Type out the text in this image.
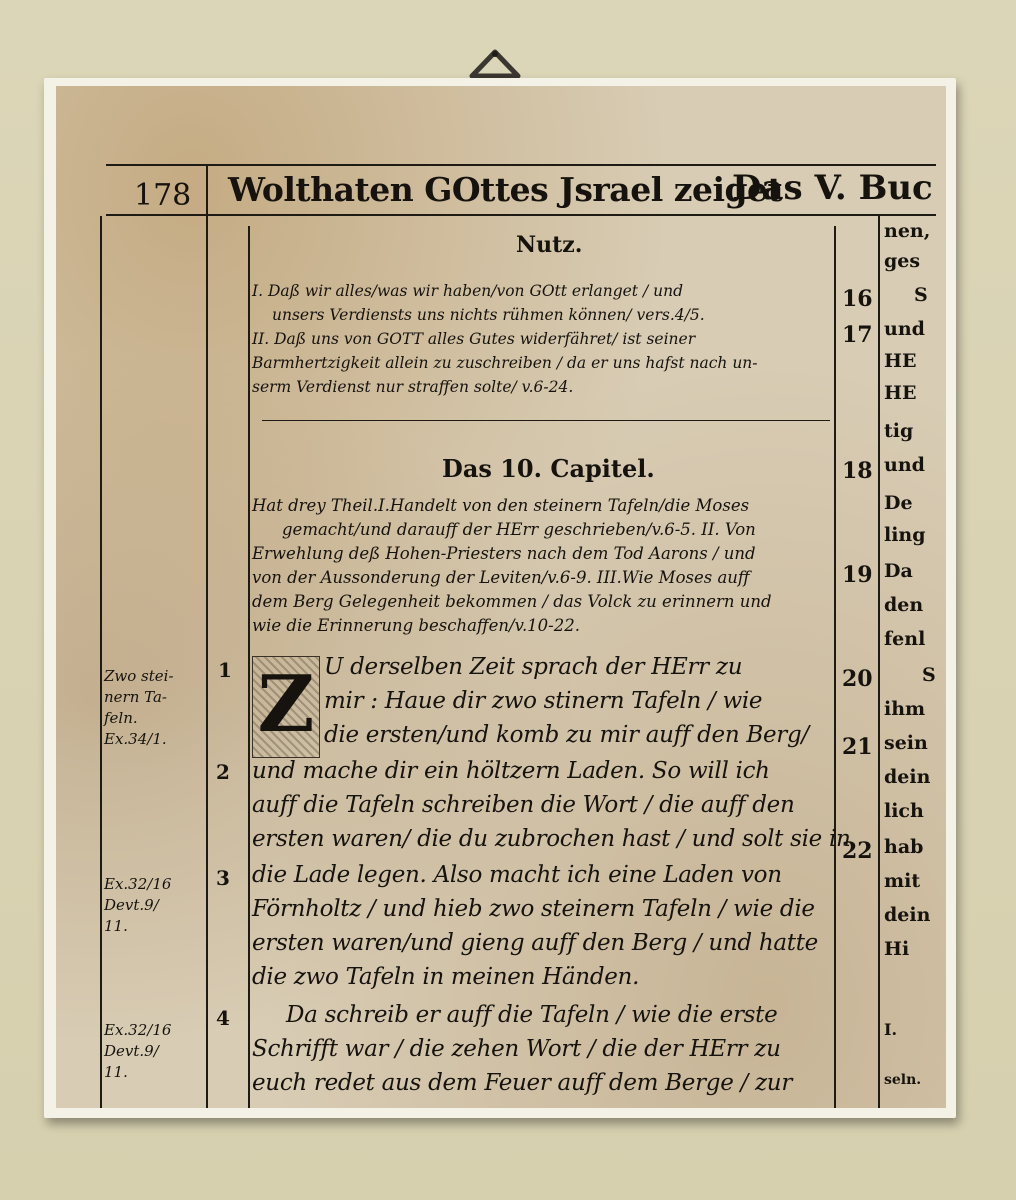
178 Wolthaten GOttes Jsrael zeiget
Das V. Buc
Nutz.
I. Daß wir alles/was wir haben/von GOtt erlanget / und
unsers Verdiensts uns nichts rühmen können/ vers.4/5.
II. Daß uns von GOTT alles Gutes widerfähret/ ist seiner
Barmhertzigkeit allein zu zuschreiben / da er uns hafst nach un-
serm Verdienst nur straffen solte/ v.6-24.
Das 10. Capitel.
Hat drey Theil.I.Handelt von den steinern Tafeln/die Moses
gemacht/und darauff der HErr geschrieben/v.6-5. II. Von
Erwehlung deß Hohen-Priesters nach dem Tod Aarons / und
von der Aussonderung der Leviten/v.6-9. III.Wie Moses auff
dem Berg Gelegenheit bekommen / das Volck zu erinnern und
wie die Erinnerung beschaffen/v.10-22.
Z U derselben Zeit sprach der HErr zu
mir : Haue dir zwo stinern Tafeln / wie
die ersten/und komb zu mir auff den Berg/
und mache dir ein höltzern Laden. So will ich
auff die Tafeln schreiben die Wort / die auff den
ersten waren/ die du zubrochen hast / und solt sie in
die Lade legen. Also macht ich eine Laden von
Förnholtz / und hieb zwo steinern Tafeln / wie die
ersten waren/und gieng auff den Berg / und hatte
die zwo Tafeln in meinen Händen.
Da schreib er auff die Tafeln / wie die erste
Schrifft war / die zehen Wort / die der HErr zu
euch redet aus dem Feuer auff dem Berge / zur
1
2
3
4
16
17
18
19
20
21
22
Zwo stei-
nern Ta-
feln.
Ex.34/1.
Ex.32/16
Devt.9/
11.
Ex.32/16
Devt.9/
11.
nen,
ges
S
und
HE
HE
tig
und
De
ling
Da
den
fenl
S
ihm
sein
dein
lich
hab
mit
dein
Hi
I.
seln.
